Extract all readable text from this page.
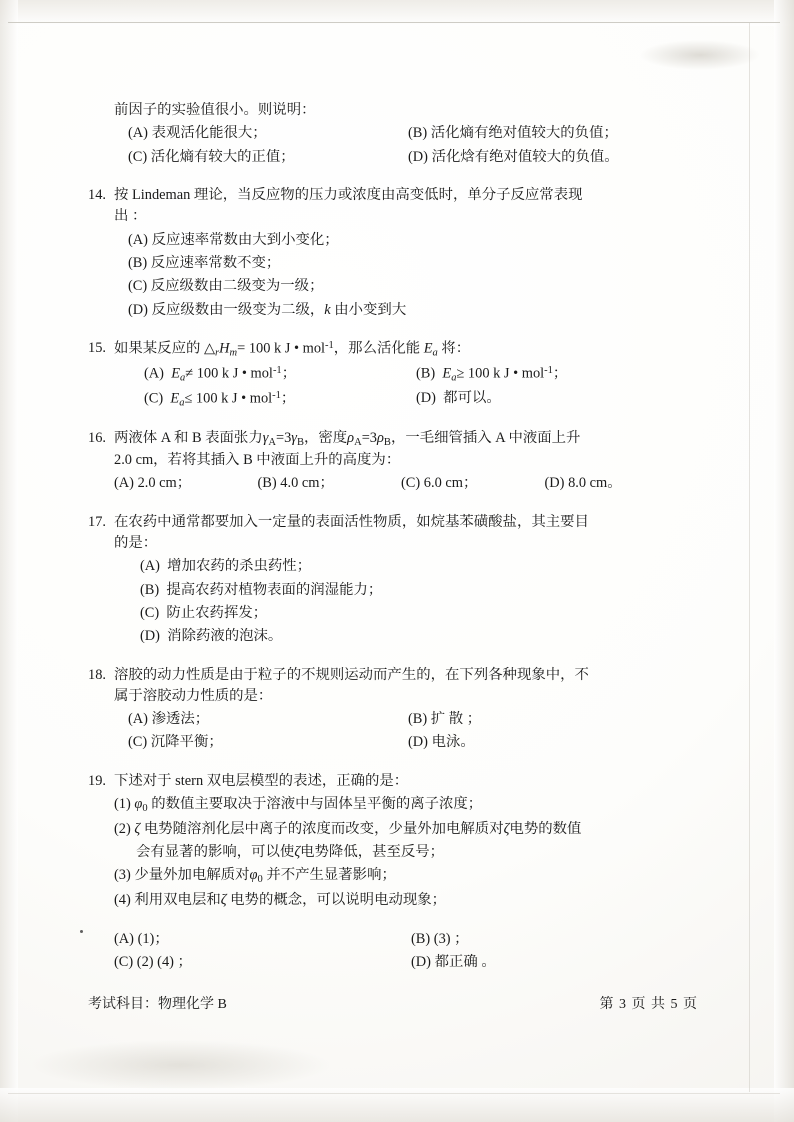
前因子的实验值很小。则说明：
(A) 表观活化能很大；	(B) 活化熵有绝对值较大的负值；
(C) 活化熵有较大的正值；	(D) 活化焓有绝对值较大的负值。
14. 按 Lindeman 理论，当反应物的压力或浓度由高变低时，单分子反应常表现
出 ：
(A) 反应速率常数由大到小变化；
(B) 反应速率常数不变；
(C) 反应级数由二级变为一级；
(D) 反应级数由一级变为二级，k 由小变到大
15. 如果某反应的 $\triangle_rH_m= 100$ k J • mol$^{-1}$，那么活化能 $E_a$ 将：
(A)  $E_a\ne 100$ k J • mol$^{-1}$；	(B)  $E_a\ge 100$ k J • mol$^{-1}$；
(C)  $E_a\le 100$ k J • mol$^{-1}$；	(D)  都可以。
16. 两液体 A 和 B 表面张力$\gamma_A=3\gamma_B$，密度$\rho_A=3\rho_B$，一毛细管插入 A 中液面上升
2.0 cm，若将其插入 B 中液面上升的高度为：
(A) 2.0 cm；	(B) 4.0 cm；	(C) 6.0 cm；	(D) 8.0 cm。
17. 在农药中通常都要加入一定量的表面活性物质，如烷基苯磺酸盐，其主要目
的是：
(A)  增加农药的杀虫药性；
(B)  提高农药对植物表面的润湿能力；
(C)  防止农药挥发；
(D)  消除药液的泡沫。
18. 溶胶的动力性质是由于粒子的不规则运动而产生的，在下列各种现象中，不
属于溶胶动力性质的是：
(A) 渗透法；	(B) 扩 散 ；
(C) 沉降平衡；	(D) 电泳。
19. 下述对于 stern 双电层模型的表述，正确的是：
(1) $\varphi_0$ 的数值主要取决于溶液中与固体呈平衡的离子浓度；
(2) ζ 电势随溶剂化层中离子的浓度而改变，少量外加电解质对ζ电势的数值
会有显著的影响，可以使ζ电势降低，甚至反号；
(3) 少量外加电解质对$\varphi_0$ 并不产生显著影响；
(4) 利用双电层和ζ 电势的概念，可以说明电动现象；
(A) (1)；	(B) (3) ；
(C) (2) (4) ；	(D) 都正确 。
考试科目：物理化学 B	第 3 页 共 5 页
